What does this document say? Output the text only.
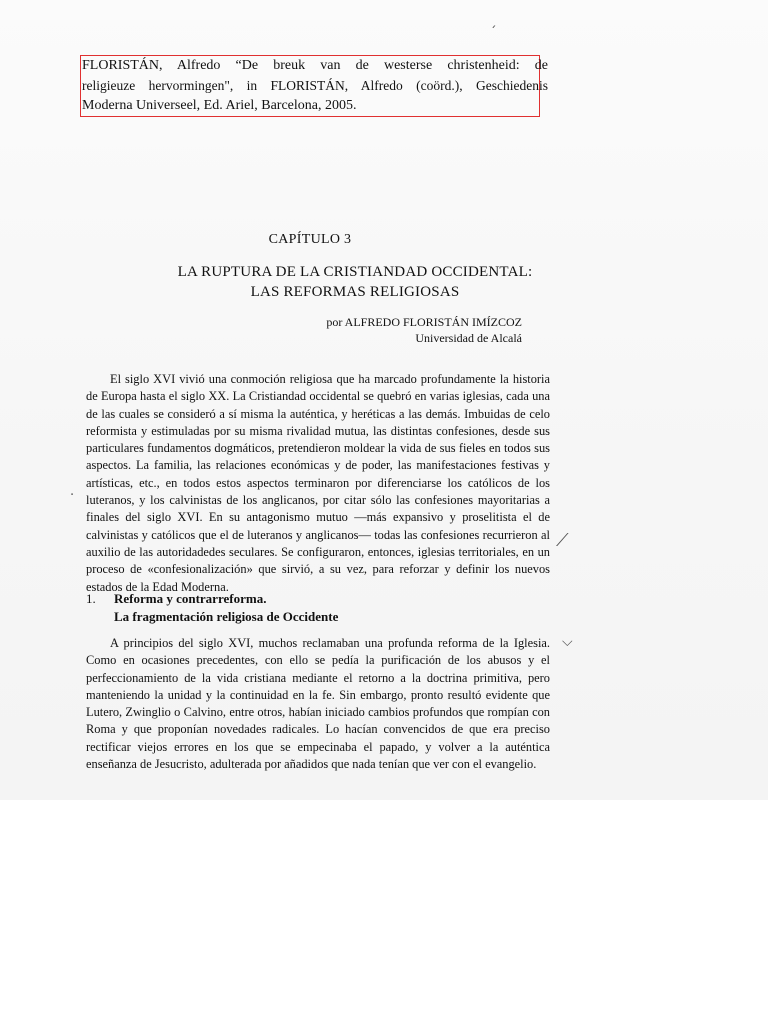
FLORISTÁN, Alfredo “De breuk van de westerse christenheid: de
religieuze hervormingen", in FLORISTÁN, Alfredo (coörd.), Geschiedenis
Moderna Universeel, Ed. Ariel, Barcelona, 2005.
CAPÍTULO 3
LA RUPTURA DE LA CRISTIANDAD OCCIDENTAL:
LAS REFORMAS RELIGIOSAS
por ALFREDO FLORISTÁN IMÍZCOZ
Universidad de Alcalá
El siglo XVI vivió una conmoción religiosa que ha marcado profundamente la historia de Europa hasta el siglo XX. La Cristiandad occidental se quebró en varias iglesias, cada una de las cuales se consideró a sí misma la auténtica, y heréticas a las demás. Imbuidas de celo reformista y estimuladas por su misma rivalidad mutua, las distintas confesiones, desde sus particulares fundamentos dogmáticos, pretendieron moldear la vida de sus fieles en todos sus aspectos. La familia, las relaciones económicas y de poder, las manifestaciones festivas y artísticas, etc., en todos estos aspectos terminaron por diferenciarse los católicos de los luteranos, y los calvinistas de los anglicanos, por citar sólo las confesiones mayoritarias a finales del siglo XVI. En su antagonismo mutuo —más expansivo y proselitista el de calvinistas y católicos que el de luteranos y anglicanos— todas las confesiones recurrieron al auxilio de las autoridadedes seculares. Se configuraron, entonces, iglesias territoriales, en un proceso de «confesionalización» que sirvió, a su vez, para reforzar y definir los nuevos estados de la Edad Moderna.
1. Reforma y contrarreforma.
La fragmentación religiosa de Occidente
A principios del siglo XVI, muchos reclamaban una profunda reforma de la Iglesia. Como en ocasiones precedentes, con ello se pedía la purificación de los abusos y el perfeccionamiento de la vida cristiana mediante el retorno a la doctrina primitiva, pero manteniendo la unidad y la continuidad en la fe. Sin embargo, pronto resultó evidente que Lutero, Zwinglio o Calvino, entre otros, habían iniciado cambios profundos que rompían con Roma y que proponían novedades radicales. Lo hacían convencidos de que era preciso rectificar viejos errores en los que se empecinaba el papado, y volver a la auténtica enseñanza de Jesucristo, adulterada por añadidos que nada tenían que ver con el evangelio.
ˏ
·
⟋
⌵
